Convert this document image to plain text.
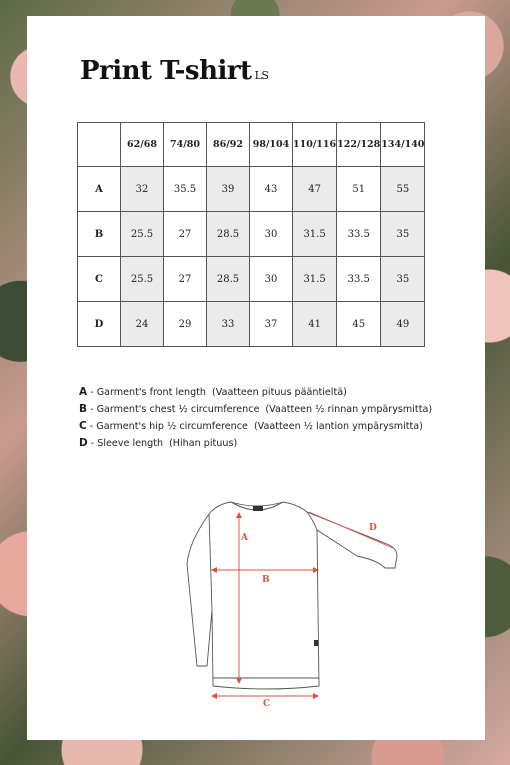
Print T-shirt LS
	62/68	74/80	86/92	98/104	110/116	122/128	134/140
A	32	35.5	39	43	47	51	55
B	25.5	27	28.5	30	31.5	33.5	35
C	25.5	27	28.5	30	31.5	33.5	35
D	24	29	33	37	41	45	49
A - Garment's front length (Vaatteen pituus pääntieltä)
B - Garment's chest ½ circumference (Vaatteen ½ rinnan ympärysmitta)
C - Garment's hip ½ circumference (Vaatteen ½ lantion ympärysmitta)
D - Sleeve length (Hihan pituus)
A
B
C
D
